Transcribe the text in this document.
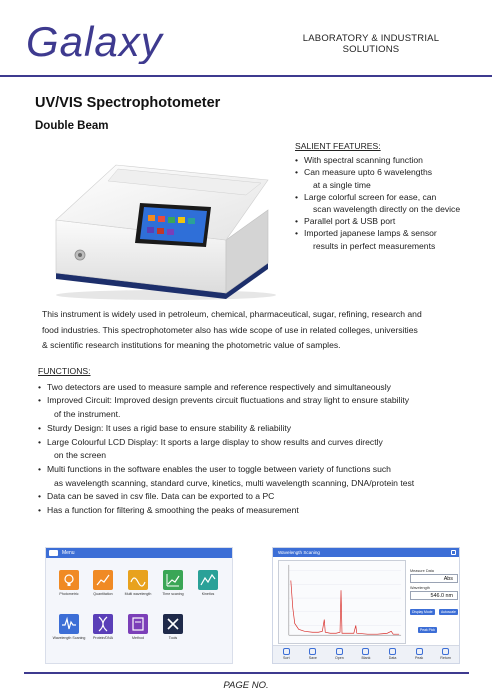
Galaxy	LABORATORY & INDUSTRIAL
SOLUTIONS
UV/VIS Spectrophotometer
Double Beam
SALIENT FEATURES:
• With spectral scanning function
• Can measure upto 6 wavelengths
at a single time
• Large colorful screen for ease, can
scan wavelength directly on the device
• Parallel port & USB port
• Imported japanese lamps & sensor
results in perfect measurements
This instrument is widely used in petroleum, chemical, pharmaceutical, sugar, refining, research and
food industries. This spectrophotometer also has wide scope of use in related colleges, universities
& scientific research institutions for meaning the photometric value of samples.
FUNCTIONS:
• Two detectors are used to measure sample and reference respectively and simultaneously
• Improved Circuit: Improved design prevents circuit fluctuations and stray light to ensure stability
of the instrument.
• Sturdy Design: It uses a rigid base to ensure stability & reliability
• Large Colourful LCD Display: It sports a large display to show results and curves directly
on the screen
• Multi functions in the software enables the user to toggle between variety of functions such
as wavelength scanning, standard curve, kinetics, multi wavelength scanning, DNA/protein test
• Data can be saved in csv file. Data can be exported to a PC
• Has a function for filtering & smoothing the peaks of measurement
Menu
Photometric	Quantitation	Multi wavelength	Time scaning	Kinetics
Wavelength Scaning	Protein/DNA	Method	Tools
Wavelength Scaning
Measure Data
Abs
Wavelength
546.0 nm
Display Mode Autoscale Peak Pick
Sort	Save	Open	Blank	Data	Peak	Return
PAGE NO.
